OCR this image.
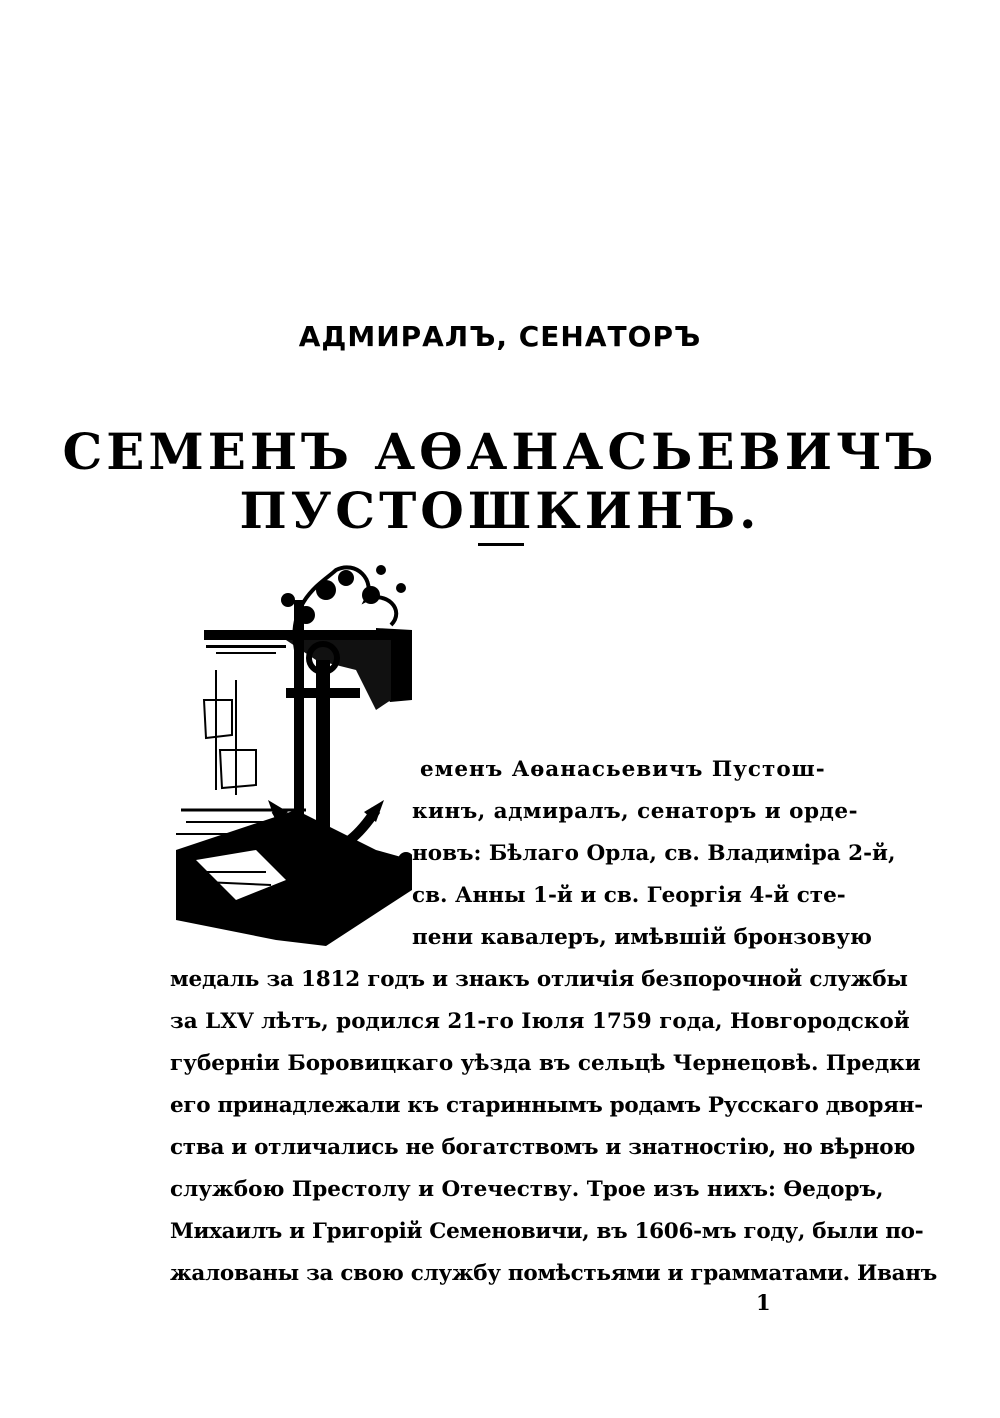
АДМИРАЛЪ, СЕНАТОРЪ
СЕМЕНЪ АѲАНАСЬЕВИЧЪ ПУСТОШКИНЪ.
еменъ Аѳанасьевичъ Пустош-
кинъ, адмиралъ, сенаторъ и орде-
новъ: Бѣлаго Орла, св. Владиміра 2-й,
св. Анны 1-й и св. Георгія 4-й сте-
пени кавалеръ, имѣвшій бронзовую
медаль за 1812 годъ и знакъ отличія безпорочной службы
за LXV лѣтъ, родился 21-го Іюля 1759 года, Новгородской
губерніи Боровицкаго уѣзда въ сельцѣ Чернецовѣ. Предки
его принадлежали къ стариннымъ родамъ Русскаго дворян-
ства и отличались не богатствомъ и знатностію, но вѣрною
службою Престолу и Отечеству. Трое изъ нихъ: Ѳедоръ,
Михаилъ и Григорій Семеновичи, въ 1606-мъ году, были по-
жалованы за свою службу помѣстьями и грамматами. Иванъ
1
